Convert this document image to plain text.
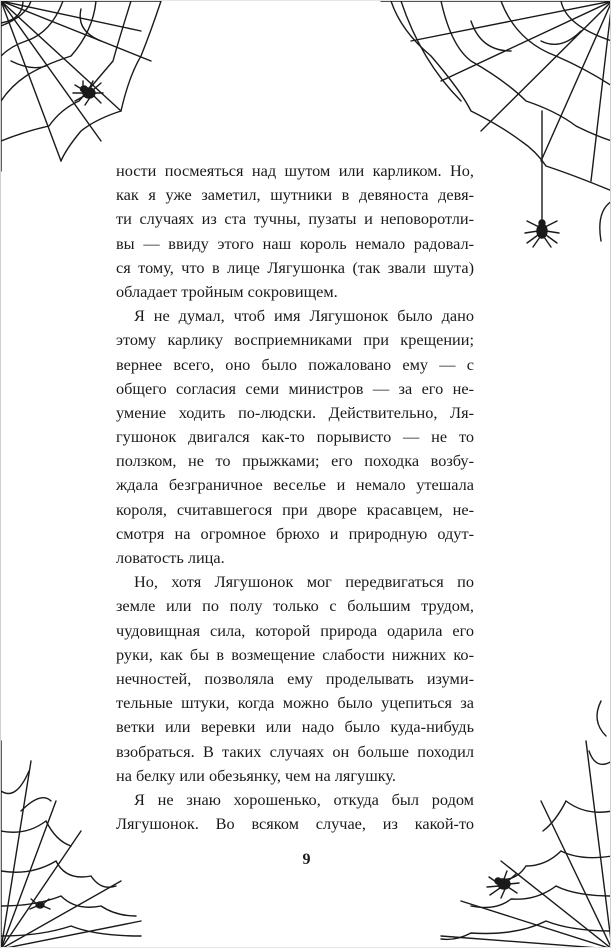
ности посмеяться над шутом или карликом. Но,
как я уже заметил, шутники в девяноста девя-
ти случаях из ста тучны, пузаты и неповоротли-
вы — ввиду этого наш король немало радовал-
ся тому, что в лице Лягушонка (так звали шута)
обладает тройным сокровищем.
Я не думал, чтоб имя Лягушонок было дано
этому карлику восприемниками при крещении;
вернее всего, оно было пожаловано ему — с
общего согласия семи министров — за его не-
умение ходить по-людски. Действительно, Ля-
гушонок двигался как-то порывисто — не то
ползком, не то прыжками; его походка возбу-
ждала безграничное веселье и немало утешала
короля, считавшегося при дворе красавцем, не-
смотря на огромное брюхо и природную одут-
ловатость лица.
Но, хотя Лягушонок мог передвигаться по
земле или по полу только с большим трудом,
чудовищная сила, которой природа одарила его
руки, как бы в возмещение слабости нижних ко-
нечностей, позволяла ему проделывать изуми-
тельные штуки, когда можно было уцепиться за
ветки или веревки или надо было куда-нибудь
взобраться. В таких случаях он больше походил
на белку или обезьянку, чем на лягушку.
Я не знаю хорошенько, откуда был родом
Лягушонок. Во всяком случае, из какой-то
9
